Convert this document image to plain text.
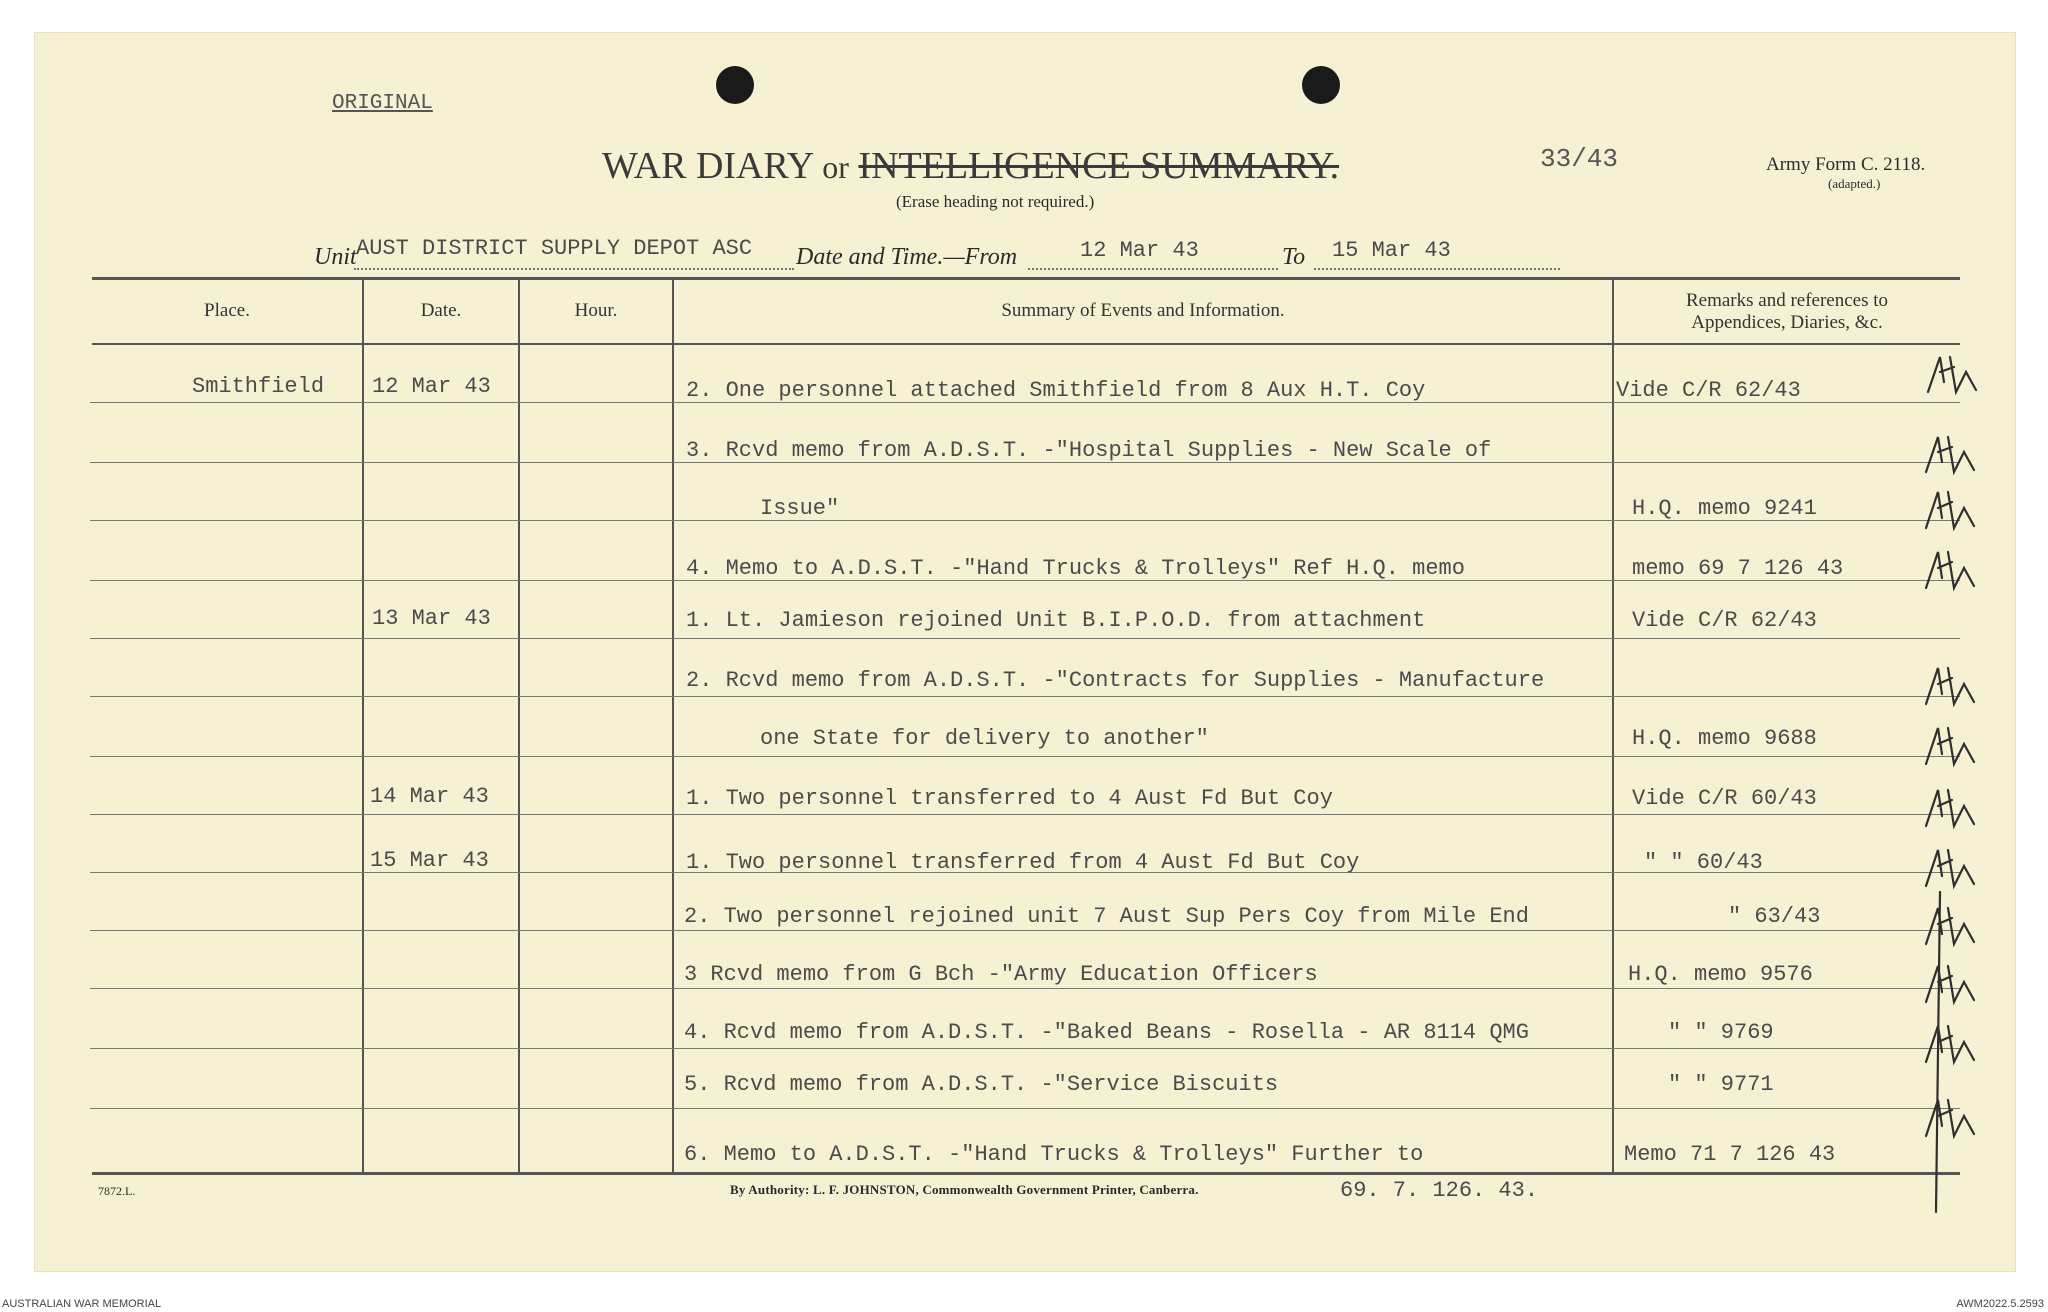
ORIGINAL
WAR DIARY or INTELLIGENCE SUMMARY.
(Erase heading not required.)
33/43	Army Form C. 2118.
(adapted.)
Unit AUST DISTRICT SUPPLY DEPOT ASC Date and Time.—From	12 Mar 43	To 15 Mar 43
Place.	Date.	Hour.	Summary of Events and Information.	Remarks and references to
Appendices, Diaries, &c.
Smithfield 12 Mar 43	2. One personnel attached Smithfield from 8 Aux H.T. Coy	Vide C/R 62/43
3. Rcvd memo from A.D.S.T. -"Hospital Supplies - New Scale of
Issue"	H.Q. memo 9241
4. Memo to A.D.S.T. -"Hand Trucks & Trolleys" Ref H.Q. memo	memo 69 7 126 43
13 Mar 43	1. Lt. Jamieson rejoined Unit B.I.P.O.D. from attachment	Vide C/R 62/43
2. Rcvd memo from A.D.S.T. -"Contracts for Supplies - Manufacture
one State for delivery to another"	H.Q. memo 9688
14 Mar 43	1. Two personnel transferred to 4 Aust Fd But Coy	Vide C/R 60/43
15 Mar 43	1. Two personnel transferred from 4 Aust Fd But Coy	" " 60/43
2. Two personnel rejoined unit 7 Aust Sup Pers Coy from Mile End	" 63/43
3 Rcvd memo from G Bch -"Army Education Officers	H.Q. memo 9576
4. Rcvd memo from A.D.S.T. -"Baked Beans - Rosella - AR 8114 QMG	" " 9769
5. Rcvd memo from A.D.S.T. -"Service Biscuits	" " 9771
6. Memo to A.D.S.T. -"Hand Trucks & Trolleys" Further to	Memo 71 7 126 43
7872.L.	By Authority: L. F. JOHNSTON, Commonwealth Government Printer, Canberra.	69. 7. 126. 43.
AUSTRALIAN WAR MEMORIAL	AWM2022.5.2593
